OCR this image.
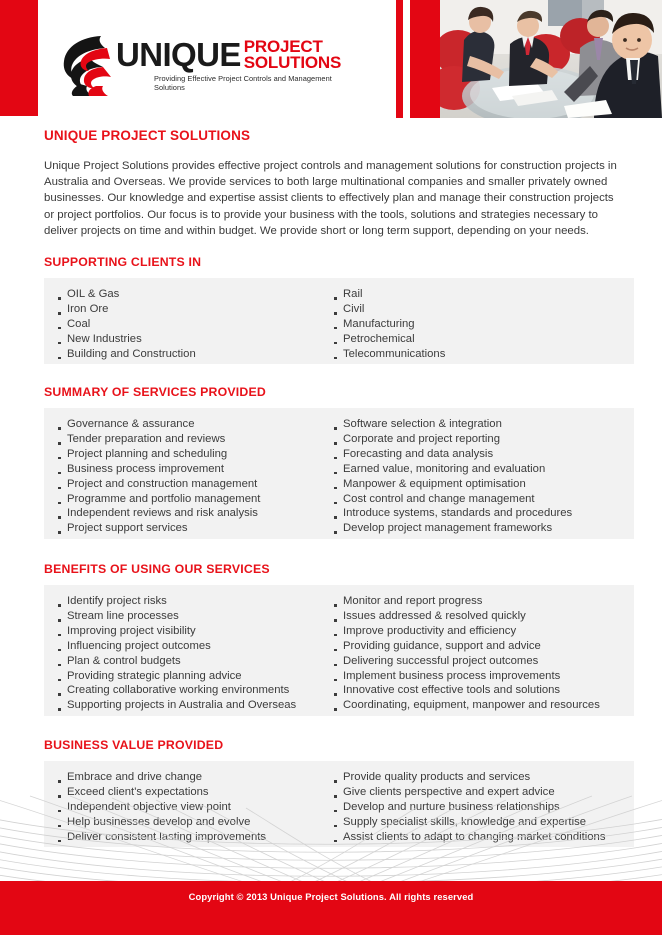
UNIQUE PROJECT
SOLUTIONS
Providing Effective Project Controls and Management Solutions
UNIQUE PROJECT SOLUTIONS

Unique Project Solutions provides effective project controls and management solutions for construction projects in Australia and Overseas. We provide services to both large multinational companies and smaller privately owned businesses. Our knowledge and expertise assist clients to effectively plan and manage their construction projects or project portfolios. Our focus is to provide your business with the tools, solutions and strategies necessary to deliver projects on time and within budget. We provide short or long term support, depending on your needs.

SUPPORTING CLIENTS IN
OIL & Gas
Iron Ore
Coal
New Industries
Building and Construction
Rail
Civil
Manufacturing
Petrochemical
Telecommunications
SUMMARY OF SERVICES PROVIDED
Governance & assurance
Tender preparation and reviews
Project planning and scheduling
Business process improvement
Project and construction management
Programme and portfolio management
Independent reviews and risk analysis
Project support services
Software selection & integration
Corporate and project reporting
Forecasting and data analysis
Earned value, monitoring and evaluation
Manpower & equipment optimisation
Cost control and change management
Introduce systems, standards and procedures
Develop project management frameworks
BENEFITS OF USING OUR SERVICES
Identify project risks
Stream line processes
Improving project visibility
Influencing project outcomes
Plan & control budgets
Providing strategic planning advice
Creating collaborative working environments
Supporting projects in Australia and Overseas
Monitor and report progress
Issues addressed & resolved quickly
Improve productivity and efficiency
Providing guidance, support and advice
Delivering successful project outcomes
Implement business process improvements
Innovative cost effective tools and solutions
Coordinating, equipment, manpower and resources
BUSINESS VALUE PROVIDED
Embrace and drive change
Exceed client's expectations
Independent objective view point
Help businesses develop and evolve
Deliver consistent lasting improvements
Provide quality products and services
Give clients perspective and expert advice
Develop and nurture business relationships
Supply specialist skills, knowledge and expertise
Assist clients to adapt to changing market conditions
Copyright © 2013 Unique Project Solutions. All rights reserved
